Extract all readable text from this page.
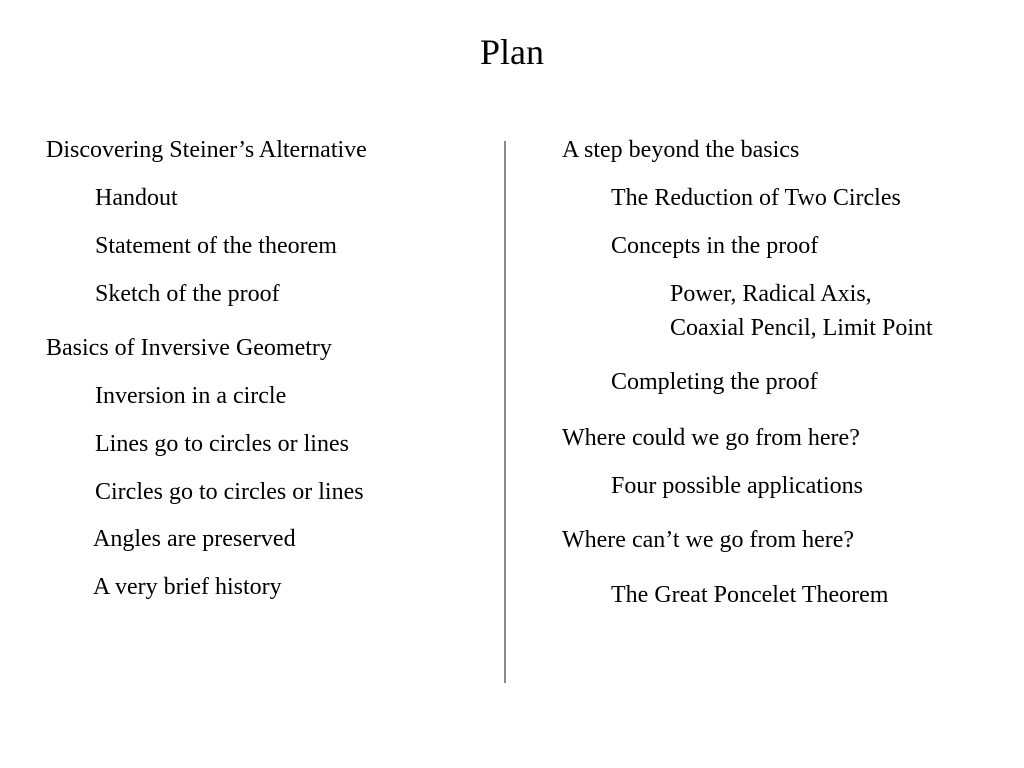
Plan
Discovering Steiner’s Alternative
Handout
Statement of the theorem
Sketch of the proof
Basics of Inversive Geometry
Inversion in a circle
Lines go to circles or lines
Circles go to circles or lines
Angles are preserved
A very brief history
A step beyond the basics
The Reduction of Two Circles
Concepts in the proof
Power, Radical Axis,
Coaxial Pencil, Limit Point
Completing the proof
Where could we go from here?
Four possible applications
Where can’t we go from here?
The Great Poncelet Theorem
